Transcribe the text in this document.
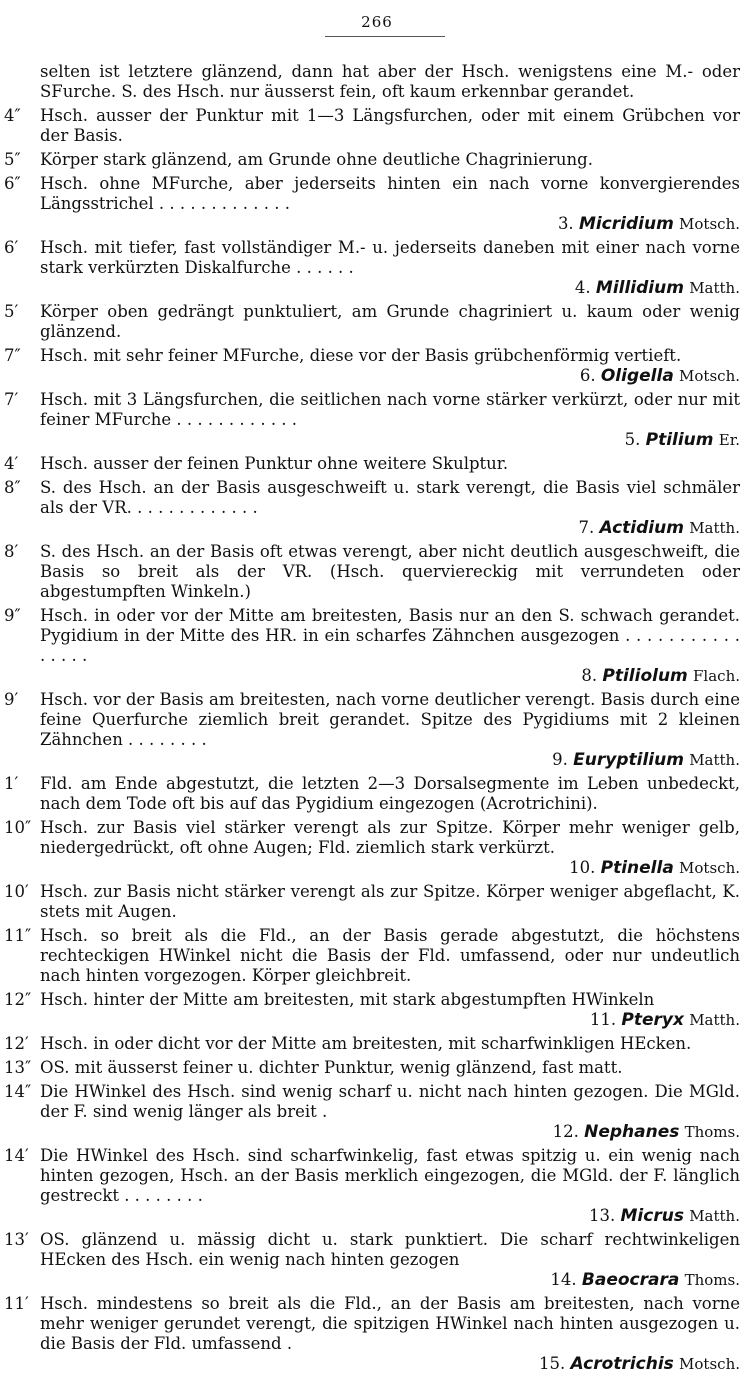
266
selten ist letztere glänzend, dann hat aber der Hsch. wenigstens eine M.- oder SFurche. S. des Hsch. nur äusserst fein, oft kaum erkennbar gerandet.
4″	Hsch. ausser der Punktur mit 1—3 Längsfurchen, oder mit einem Grübchen vor der Basis.
5″	Körper stark glänzend, am Grunde ohne deutliche Chagrinierung.
6″	Hsch. ohne MFurche, aber jederseits hinten ein nach vorne konvergierendes Längsstrichel . . . . . . . . . . . . .
3. Micridium Motsch.
6′	Hsch. mit tiefer, fast vollständiger M.- u. jederseits daneben mit einer nach vorne stark verkürzten Diskalfurche . . . . . .
4. Millidium Matth.
5′	Körper oben gedrängt punktuliert, am Grunde chagriniert u. kaum oder wenig glänzend.
7″	Hsch. mit sehr feiner MFurche, diese vor der Basis grübchenförmig vertieft.
6. Oligella Motsch.
7′	Hsch. mit 3 Längsfurchen, die seitlichen nach vorne stärker verkürzt, oder nur mit feiner MFurche . . . . . . . . . . . .
5. Ptilium Er.
4′	Hsch. ausser der feinen Punktur ohne weitere Skulptur.
8″	S. des Hsch. an der Basis ausgeschweift u. stark verengt, die Basis viel schmäler als der VR. . . . . . . . . . . . .
7. Actidium Matth.
8′	S. des Hsch. an der Basis oft etwas verengt, aber nicht deutlich ausgeschweift, die Basis so breit als der VR. (Hsch. querviereckig mit verrundeten oder abgestumpften Winkeln.)
9″	Hsch. in oder vor der Mitte am breitesten, Basis nur an den S. schwach gerandet. Pygidium in der Mitte des HR. in ein scharfes Zähnchen ausgezogen . . . . . . . . . . . . . . . .
8. Ptiliolum Flach.
9′	Hsch. vor der Basis am breitesten, nach vorne deutlicher verengt. Basis durch eine feine Querfurche ziemlich breit gerandet. Spitze des Pygidiums mit 2 kleinen Zähnchen . . . . . . . .
9. Euryptilium Matth.
1′	Fld. am Ende abgestutzt, die letzten 2—3 Dorsalsegmente im Leben unbedeckt, nach dem Tode oft bis auf das Pygidium eingezogen (Acrotrichini).
10″ Hsch. zur Basis viel stärker verengt als zur Spitze. Körper mehr weniger gelb, niedergedrückt, oft ohne Augen; Fld. ziemlich stark verkürzt.
10. Ptinella Motsch.
10′ Hsch. zur Basis nicht stärker verengt als zur Spitze. Körper weniger abgeflacht, K. stets mit Augen.
11″ Hsch. so breit als die Fld., an der Basis gerade abgestutzt, die höchstens rechteckigen HWinkel nicht die Basis der Fld. umfassend, oder nur undeutlich nach hinten vorgezogen. Körper gleichbreit.
12″ Hsch. hinter der Mitte am breitesten, mit stark abgestumpften HWinkeln
11. Pteryx Matth.
12′ Hsch. in oder dicht vor der Mitte am breitesten, mit scharfwinkligen HEcken.
13″ OS. mit äusserst feiner u. dichter Punktur, wenig glänzend, fast matt.
14″ Die HWinkel des Hsch. sind wenig scharf u. nicht nach hinten gezogen. Die MGld. der F. sind wenig länger als breit .
12. Nephanes Thoms.
14′ Die HWinkel des Hsch. sind scharfwinkelig, fast etwas spitzig u. ein wenig nach hinten gezogen, Hsch. an der Basis merklich eingezogen, die MGld. der F. länglich gestreckt . . . . . . . .
13. Micrus Matth.
13′ OS. glänzend u. mässig dicht u. stark punktiert. Die scharf rechtwinkeligen HEcken des Hsch. ein wenig nach hinten gezogen
14. Baeocrara Thoms.
11′ Hsch. mindestens so breit als die Fld., an der Basis am breitesten, nach vorne mehr weniger gerundet verengt, die spitzigen HWinkel nach hinten ausgezogen u. die Basis der Fld. umfassend .
15. Acrotrichis Motsch.
